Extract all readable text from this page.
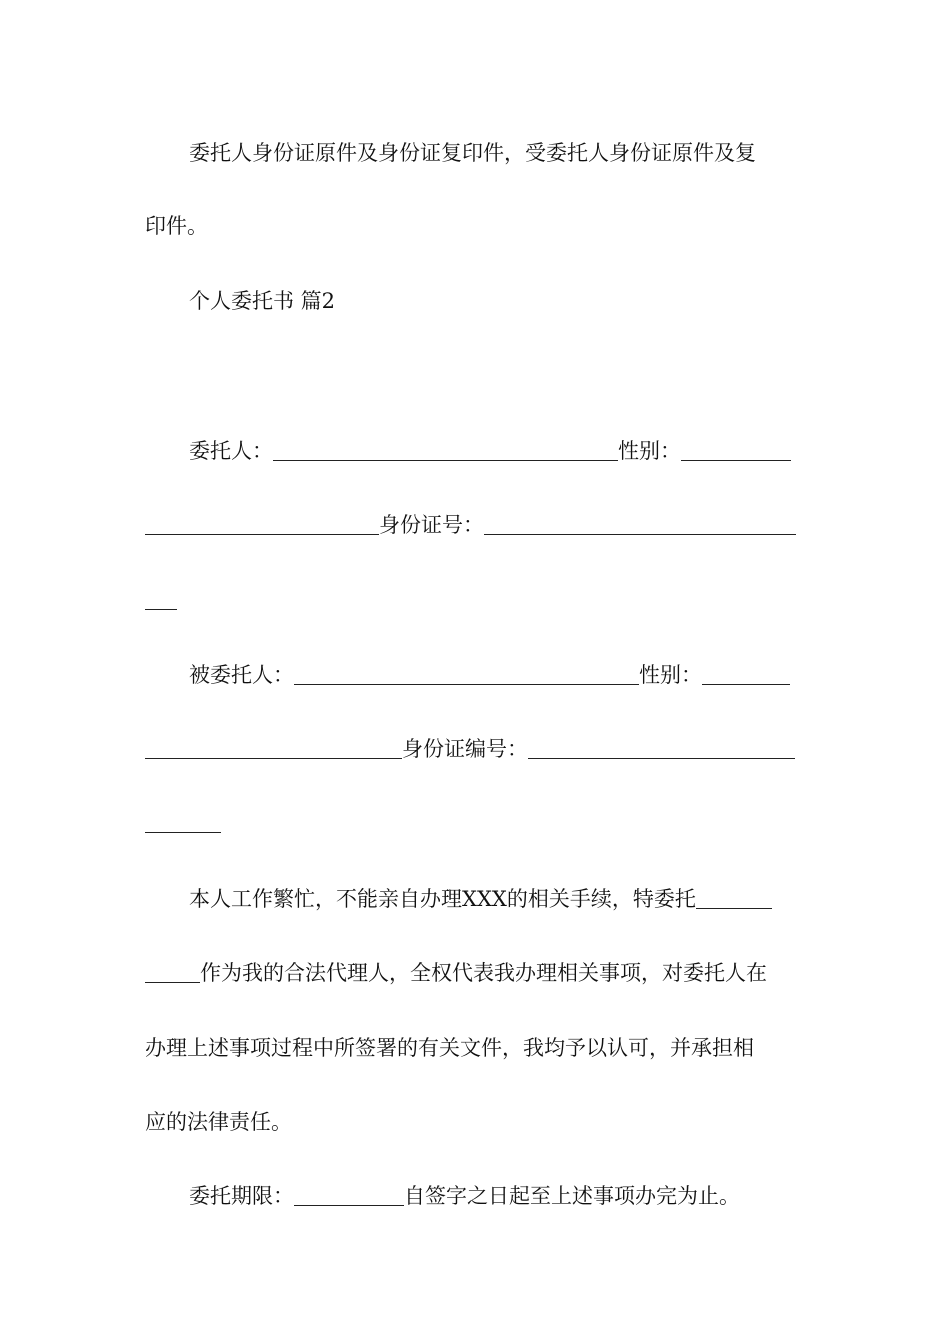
委托人身份证原件及身份证复印件，受委托人身份证原件及复
印件。
个人委托书 篇2
委托人：	性别：
身份证号：
被委托人：	性别：
身份证编号：
本人工作繁忙，不能亲自办理XXX的相关手续，特委托
作为我的合法代理人，全权代表我办理相关事项，对委托人在
办理上述事项过程中所签署的有关文件，我均予以认可，并承担相
应的法律责任。
委托期限：	自签字之日起至上述事项办完为止。
